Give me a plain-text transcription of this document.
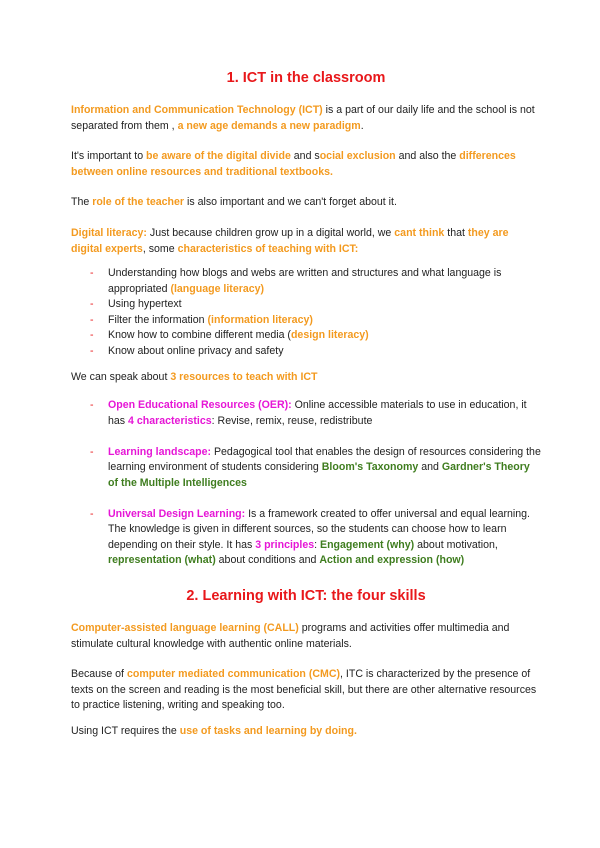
1. ICT in the classroom

Information and Communication Technology (ICT) is a part of our daily life and the school is not separated from them , a new age demands a new paradigm.

It's important to be aware of the digital divide and social exclusion and also the differences between online resources and traditional textbooks.

The role of the teacher is also important and we can't forget about it.

Digital literacy: Just because children grow up in a digital world, we cant think that they are digital experts, some characteristics of teaching with ICT:

- Understanding how blogs and webs are written and structures and what language is appropriated (language literacy)
- Using hypertext
- Filter the information (information literacy)
- Know how to combine different media (design literacy)
- Know about online privacy and safety

We can speak about 3 resources to teach with ICT

- Open Educational Resources (OER): Online accessible materials to use in education, it has 4 characteristics: Revise, remix, reuse, redistribute
- Learning landscape: Pedagogical tool that enables the design of resources considering the learning environment of students considering Bloom's Taxonomy and Gardner's Theory of the Multiple Intelligences
- Universal Design Learning: Is a framework created to offer universal and equal learning. The knowledge is given in different sources, so the students can choose how to learn depending on their style. It has 3 principles: Engagement (why) about motivation, representation (what) about conditions and Action and expression (how)
2. Learning with ICT: the four skills

Computer-assisted language learning (CALL) programs and activities offer multimedia and stimulate cultural knowledge with authentic online materials.

Because of computer mediated communication (CMC), ITC is characterized by the presence of texts on the screen and reading is the most beneficial skill, but there are other alternative resources to practice listening, writing and speaking too.

Using ICT requires the use of tasks and learning by doing.
